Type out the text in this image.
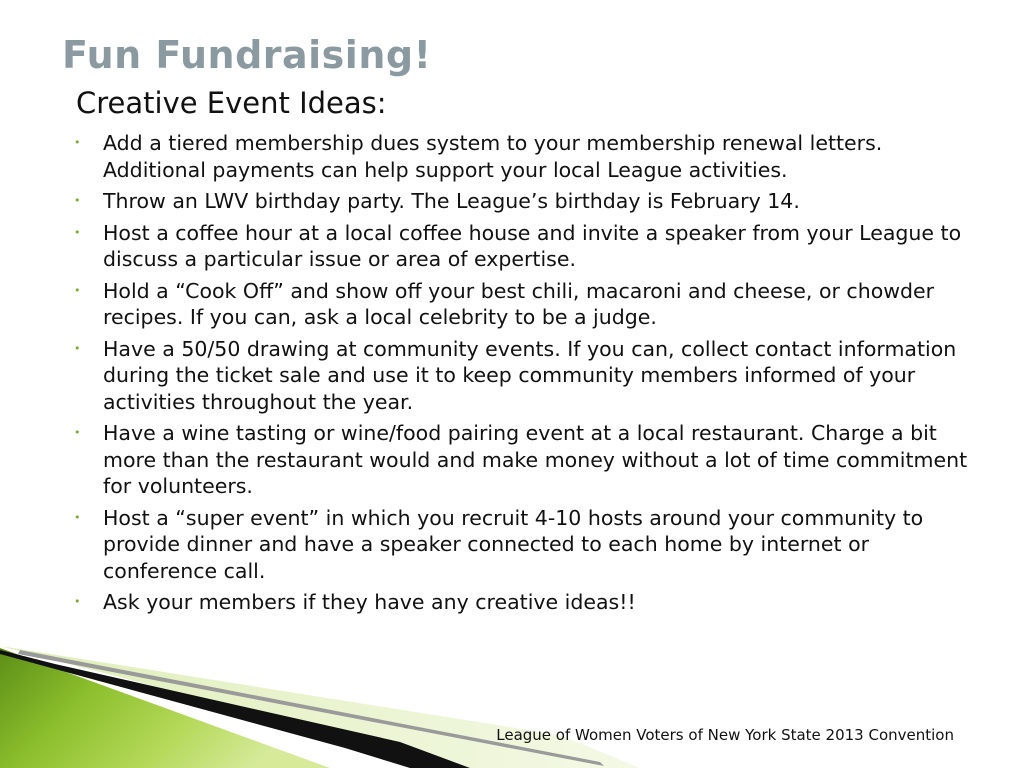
Fun Fundraising!
Creative Event Ideas:
• Add a tiered membership dues system to your membership renewal letters. Additional payments can help support your local League activities.
• Throw an LWV birthday party. The League’s birthday is February 14.
• Host a coffee hour at a local coffee house and invite a speaker from your League to discuss a particular issue or area of expertise.
• Hold a “Cook Off” and show off your best chili, macaroni and cheese, or chowder recipes. If you can, ask a local celebrity to be a judge.
• Have a 50/50 drawing at community events. If you can, collect contact information during the ticket sale and use it to keep community members informed of your activities throughout the year.
• Have a wine tasting or wine/food pairing event at a local restaurant. Charge a bit more than the restaurant would and make money without a lot of time commitment for volunteers.
• Host a “super event” in which you recruit 4-10 hosts around your community to provide dinner and have a speaker connected to each home by internet or conference call.
• Ask your members if they have any creative ideas!!

League of Women Voters of New York State 2013 Convention
